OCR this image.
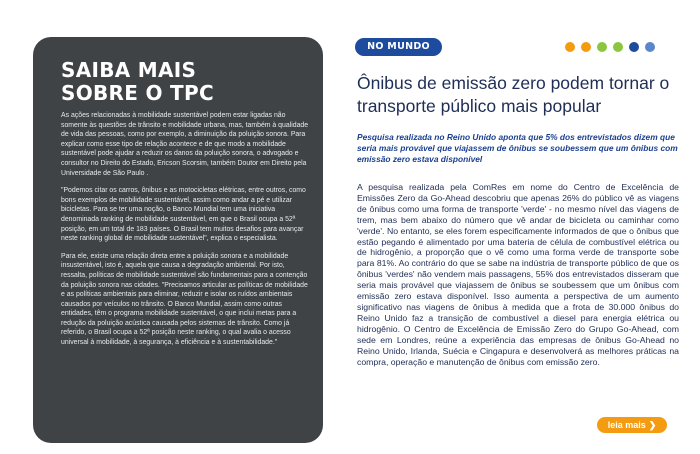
SAIBA MAIS
SOBRE O TPC

As ações relacionadas à mobilidade sustentável podem estar ligadas não somente às questões de trânsito e mobilidade urbana, mas, também à qualidade de vida das pessoas, como por exemplo, a diminuição da poluição sonora. Para explicar como esse tipo de relação acontece e de que modo a mobilidade sustentável pode ajudar a reduzir os danos da poluição sonora, o advogado e consultor no Direito do Estado, Ericson Scorsim, também Doutor em Direito pela Universidade de São Paulo .

"Podemos citar os carros, ônibus e as motocicletas elétricas, entre outros, como bons exemplos de mobilidade sustentável, assim como andar a pé e utilizar bicicletas. Para se ter uma noção, o Banco Mundial tem uma iniciativa denominada ranking de mobilidade sustentável, em que o Brasil ocupa a 52ª posição, em um total de 183 países. O Brasil tem muitos desafios para avançar neste ranking global de mobilidade sustentável", explica o especialista.

Para ele, existe uma relação direta entre a poluição sonora e a mobilidade insustentável, isto é, aquela que causa a degradação ambiental. Por isto, ressalta, políticas de mobilidade sustentável são fundamentais para a contenção da poluição sonora nas cidades. "Precisamos articular as políticas de mobilidade e as políticas ambientais para eliminar, reduzir e isolar os ruídos ambientais causados por veículos no trânsito. O Banco Mundial, assim como outras entidades, têm o programa mobilidade sustentável, o que inclui metas para a redução da poluição acústica causada pelos sistemas de trânsito. Como já referido, o Brasil ocupa a 52ª posição neste ranking, o qual avalia o acesso universal à mobilidade, à segurança, à eficiência e à sustentabilidade."

NO MUNDO
Ônibus de emissão zero podem tornar o transporte público mais popular

Pesquisa realizada no Reino Unido aponta que 5% dos entrevistados dizem que seria mais provável que viajassem de ônibus se soubessem que um ônibus com emissão zero estava disponível

A pesquisa realizada pela ComRes em nome do Centro de Excelência de Emissões Zero da Go-Ahead descobriu que apenas 26% do público vê as viagens de ônibus como uma forma de transporte 'verde' - no mesmo nível das viagens de trem, mas bem abaixo do número que vê andar de bicicleta ou caminhar como 'verde'. No entanto, se eles forem especificamente informados de que o ônibus que estão pegando é alimentado por uma bateria de célula de combustível elétrica ou de hidrogênio, a proporção que o vê como uma forma verde de transporte sobe para 81%. Ao contrário do que se sabe na indústria de transporte público de que os ônibus 'verdes' não vendem mais passagens, 55% dos entrevistados disseram que seria mais provável que viajassem de ônibus se soubessem que um ônibus com emissão zero estava disponível. Isso aumenta a perspectiva de um aumento significativo nas viagens de ônibus à medida que a frota de 30.000 ônibus do Reino Unido faz a transição de combustível a diesel para energia elétrica ou hidrogênio. O Centro de Excelência de Emissão Zero do Grupo Go-Ahead, com sede em Londres, reúne a experiência das empresas de ônibus Go-Ahead no Reino Unido, Irlanda, Suécia e Cingapura e desenvolverá as melhores práticas na compra, operação e manutenção de ônibus com emissão zero.

leia mais ❯
